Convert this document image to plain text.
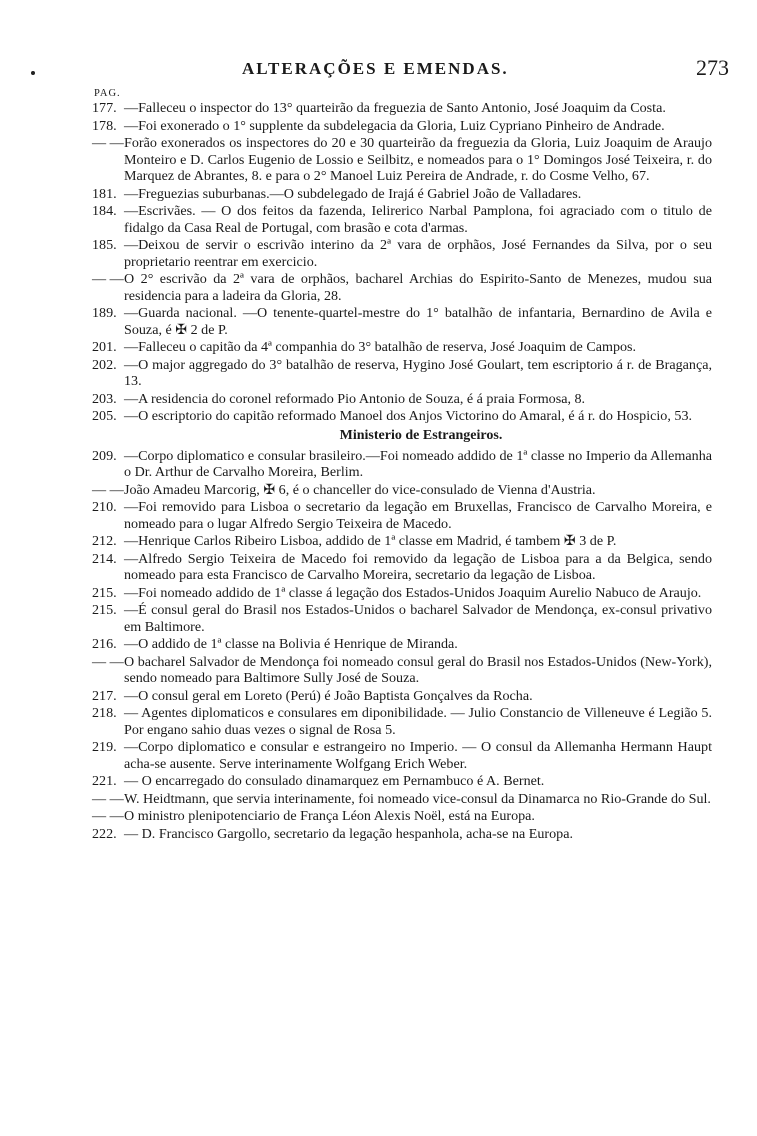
ALTERAÇÕES E EMENDAS.	273
PAG.
177. —Falleceu o inspector do 13° quarteirão da freguezia de Santo Antonio, José Joaquim da Costa.
178. —Foi exonerado o 1° supplente da subdelegacia da Gloria, Luiz Cypriano Pinheiro de Andrade.
— — Forão exonerados os inspectores do 20 e 30 quarteirão da freguezia da Gloria, Luiz Joaquim de Araujo Monteiro e D. Carlos Eugenio de Lossio e Seilbitz, e nomeados para o 1° Domingos José Teixeira, r. do Marquez de Abrantes, 8. e para o 2° Manoel Luiz Pereira de Andrade, r. do Cosme Velho, 67.
181. —Freguezias suburbanas.—O subdelegado de Irajá é Gabriel João de Valladares.
184. —Escrivães. — O dos feitos da fazenda, Ielirerico Narbal Pamplona, foi agraciado com o titulo de fidalgo da Casa Real de Portugal, com brasão e cota d'armas.
185. —Deixou de servir o escrivão interino da 2ª vara de orphãos, José Fernandes da Silva, por o seu proprietario reentrar em exercicio.
— — O 2° escrivão da 2ª vara de orphãos, bacharel Archias do Espirito-Santo de Menezes, mudou sua residencia para a ladeira da Gloria, 28.
189. —Guarda nacional. —O tenente-quartel-mestre do 1° batalhão de infantaria, Bernardino de Avila e Souza, é ✠ 2 de P.
201. —Falleceu o capitão da 4ª companhia do 3° batalhão de reserva, José Joaquim de Campos.
202. —O major aggregado do 3° batalhão de reserva, Hygino José Goulart, tem escriptorio á r. de Bragança, 13.
203. —A residencia do coronel reformado Pio Antonio de Souza, é á praia Formosa, 8.
205. —O escriptorio do capitão reformado Manoel dos Anjos Victorino do Amaral, é á r. do Hospicio, 53.
Ministerio de Estrangeiros.
209. —Corpo diplomatico e consular brasileiro.—Foi nomeado addido de 1ª classe no Imperio da Allemanha o Dr. Arthur de Carvalho Moreira, Berlim.
— — João Amadeu Marcorig, ✠ 6, é o chanceller do vice-consulado de Vienna d'Austria.
210. —Foi removido para Lisboa o secretario da legação em Bruxellas, Francisco de Carvalho Moreira, e nomeado para o lugar Alfredo Sergio Teixeira de Macedo.
212. —Henrique Carlos Ribeiro Lisboa, addido de 1ª classe em Madrid, é tambem ✠ 3 de P.
214. —Alfredo Sergio Teixeira de Macedo foi removido da legação de Lisboa para a da Belgica, sendo nomeado para esta Francisco de Carvalho Moreira, secretario da legação de Lisboa.
215. —Foi nomeado addido de 1ª classe á legação dos Estados-Unidos Joaquim Aurelio Nabuco de Araujo.
215. —É consul geral do Brasil nos Estados-Unidos o bacharel Salvador de Mendonça, ex-consul privativo em Baltimore.
216. —O addido de 1ª classe na Bolivia é Henrique de Miranda.
— — O bacharel Salvador de Mendonça foi nomeado consul geral do Brasil nos Estados-Unidos (New-York), sendo nomeado para Baltimore Sully José de Souza.
217. —O consul geral em Loreto (Perú) é João Baptista Gonçalves da Rocha.
218. — Agentes diplomaticos e consulares em diponibilidade. — Julio Constancio de Villeneuve é Legião 5. Por engano sahio duas vezes o signal de Rosa 5.
219. —Corpo diplomatico e consular e estrangeiro no Imperio. — O consul da Allemanha Hermann Haupt acha-se ausente. Serve interinamente Wolfgang Erich Weber.
221. — O encarregado do consulado dinamarquez em Pernambuco é A. Bernet.
— — W. Heidtmann, que servia interinamente, foi nomeado vice-consul da Dinamarca no Rio-Grande do Sul.
— — O ministro plenipotenciario de França Léon Alexis Noël, está na Europa.
222. — D. Francisco Gargollo, secretario da legação hespanhola, acha-se na Europa.
